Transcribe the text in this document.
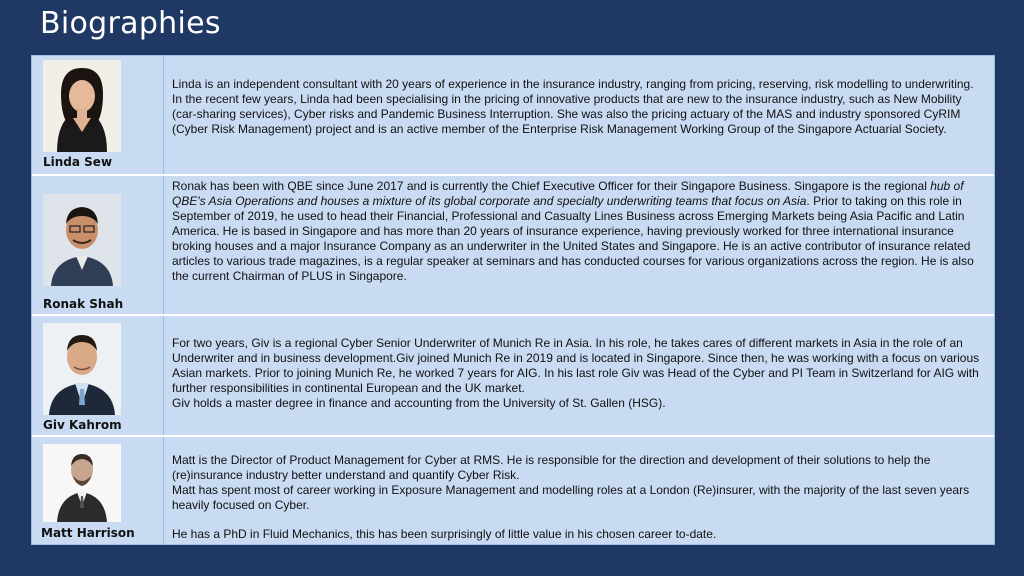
Biographies
Linda Sew

Linda is an independent consultant with 20 years of experience in the insurance industry, ranging from pricing, reserving, risk modelling to underwriting. In the recent few years, Linda had been specialising in the pricing of innovative products that are new to the insurance industry, such as New Mobility (car-sharing services), Cyber risks and Pandemic Business Interruption. She was also the pricing actuary of the MAS and industry sponsored CyRIM (Cyber Risk Management) project and is an active member of the Enterprise Risk Management Working Group of the Singapore Actuarial Society.

Ronak Shah

Ronak has been with QBE since June 2017 and is currently the Chief Executive Officer for their Singapore Business. Singapore is the regional hub of QBE's Asia Operations and houses a mixture of its global corporate and specialty underwriting teams that focus on Asia. Prior to taking on this role in September of 2019, he used to head their Financial, Professional and Casualty Lines Business across Emerging Markets being Asia Pacific and Latin America. He is based in Singapore and has more than 20 years of insurance experience, having previously worked for three international insurance broking houses and a major Insurance Company as an underwriter in the United States and Singapore. He is an active contributor of insurance related articles to various trade magazines, is a regular speaker at seminars and has conducted courses for various organizations across the region. He is also the current Chairman of PLUS in Singapore.

Giv Kahrom

For two years, Giv is a regional Cyber Senior Underwriter of Munich Re in Asia. In his role, he takes cares of different markets in Asia in the role of an Underwriter and in business development.Giv joined Munich Re in 2019 and is located in Singapore. Since then, he was working with a focus on various Asian markets. Prior to joining Munich Re, he worked 7 years for AIG. In his last role Giv was Head of the Cyber and PI Team in Switzerland for AIG with further responsibilities in continental European and the UK market.

Giv holds a master degree in finance and accounting from the University of St. Gallen (HSG).

Matt Harrison

Matt is the Director of Product Management for Cyber at RMS. He is responsible for the direction and development of their solutions to help the (re)insurance industry better understand and quantify Cyber Risk.

Matt has spent most of career working in Exposure Management and modelling roles at a London (Re)insurer, with the majority of the last seven years heavily focused on Cyber.

He has a PhD in Fluid Mechanics, this has been surprisingly of little value in his chosen career to-date.
